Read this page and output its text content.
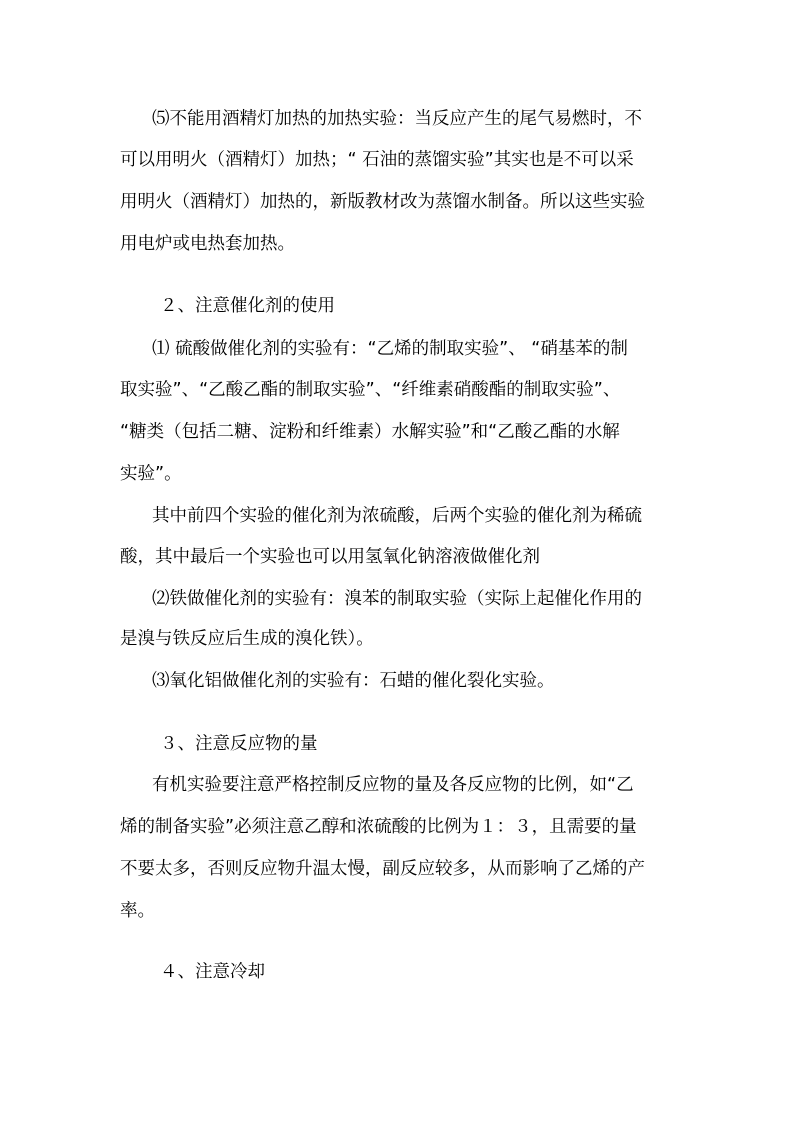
⑸不能用酒精灯加热的加热实验：当反应产生的尾气易燃时，不
可以用明火（酒精灯）加热；“ 石油的蒸馏实验”其实也是不可以采
用明火（酒精灯）加热的，新版教材改为蒸馏水制备。所以这些实验
用电炉或电热套加热。
２、注意催化剂的使用
⑴ 硫酸做催化剂的实验有：“乙烯的制取实验”、 “硝基苯的制
取实验”、“乙酸乙酯的制取实验”、“纤维素硝酸酯的制取实验”、
“糖类（包括二糖、淀粉和纤维素）水解实验”和“乙酸乙酯的水解
实验”。
其中前四个实验的催化剂为浓硫酸，后两个实验的催化剂为稀硫
酸，其中最后一个实验也可以用氢氧化钠溶液做催化剂
⑵铁做催化剂的实验有：溴苯的制取实验（实际上起催化作用的
是溴与铁反应后生成的溴化铁）。
⑶氧化铝做催化剂的实验有：石蜡的催化裂化实验。
３、注意反应物的量
有机实验要注意严格控制反应物的量及各反应物的比例，如“乙
烯的制备实验”必须注意乙醇和浓硫酸的比例为１：３，且需要的量
不要太多，否则反应物升温太慢，副反应较多，从而影响了乙烯的产
率。
４、注意冷却
